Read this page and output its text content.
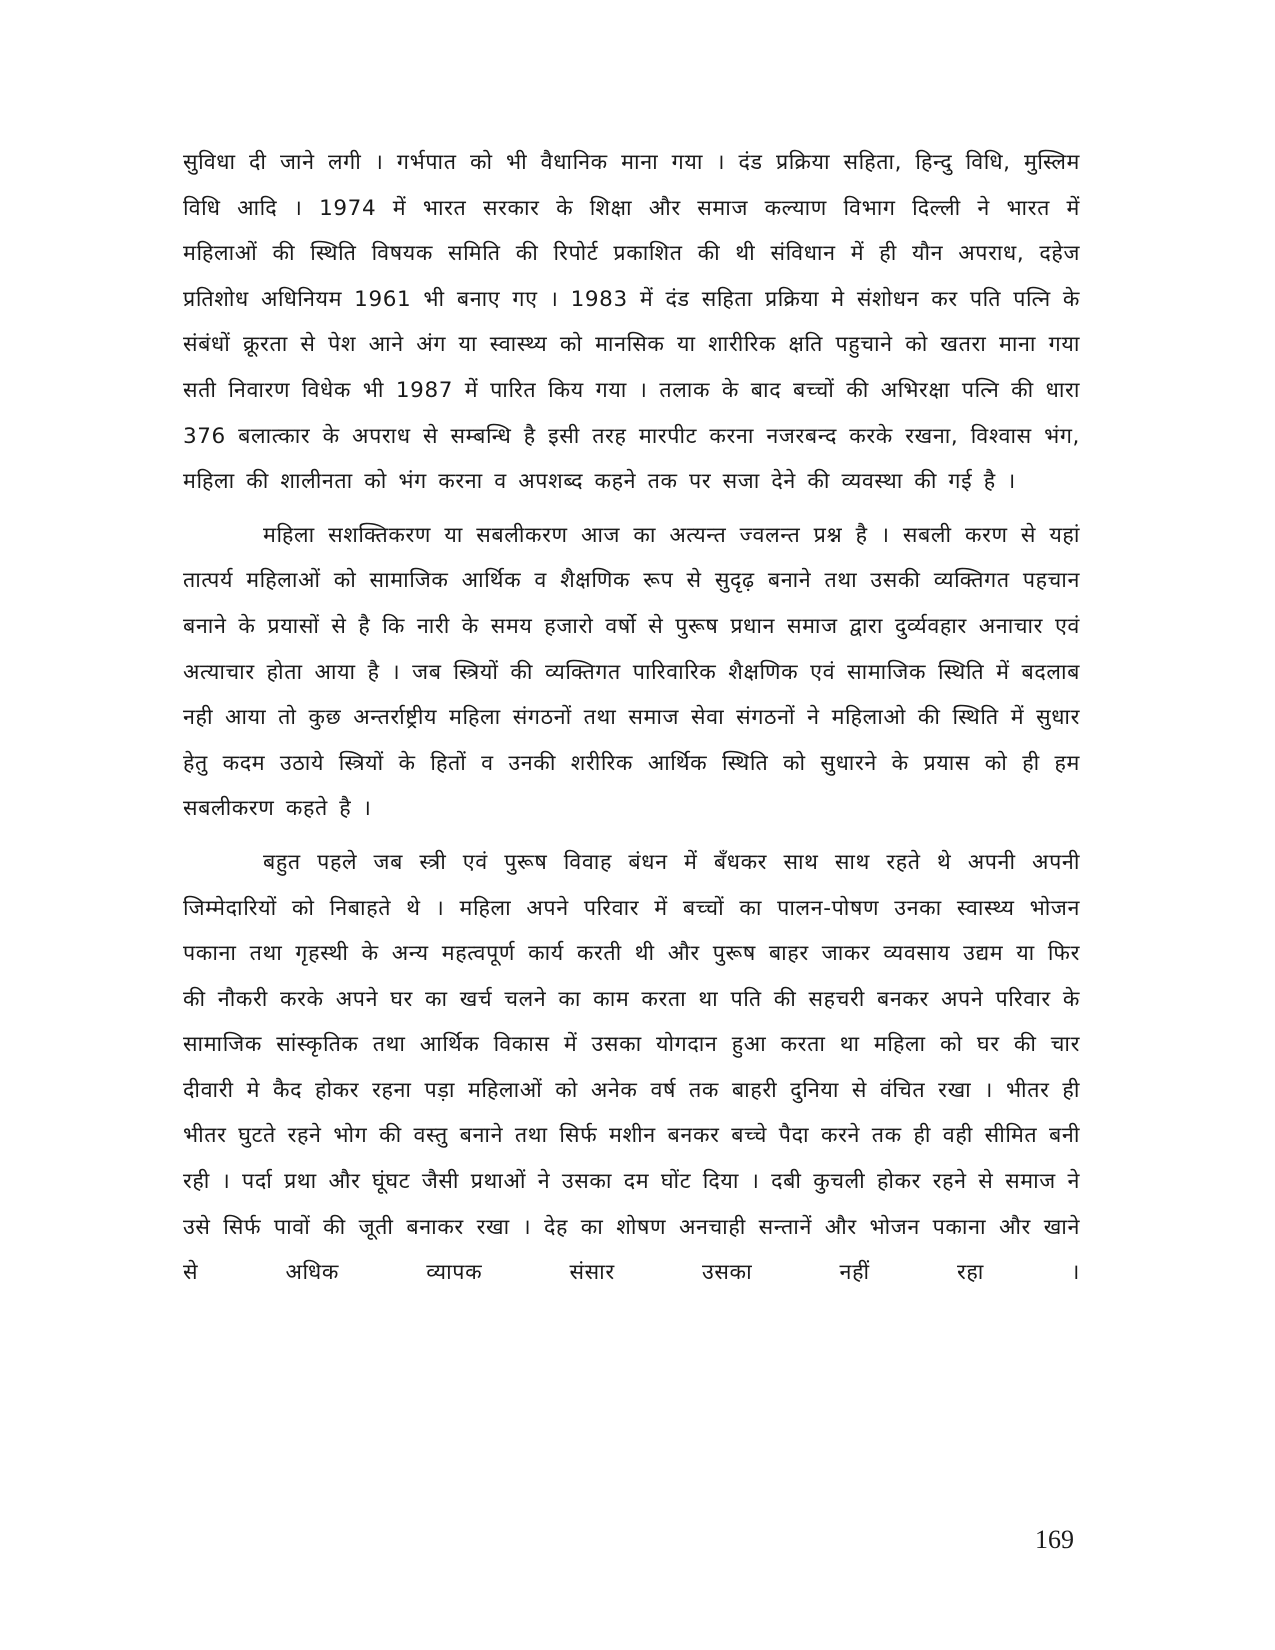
सुविधा दी जाने लगी । गर्भपात को भी वैधानिक माना गया । दंड प्रक्रिया सहिता, हिन्दु विधि, मुस्लिम विधि आदि । 1974 में भारत सरकार के शिक्षा और समाज कल्याण विभाग दिल्ली ने भारत में महिलाओं की स्थिति विषयक समिति की रिपोर्ट प्रकाशित की थी संविधान में ही यौन अपराध, दहेज प्रतिशोध अधिनियम 1961 भी बनाए गए । 1983 में दंड सहिता प्रक्रिया मे संशोधन कर पति पत्नि के संबंधों क्रूरता से पेश आने अंग या स्वास्थ्य को मानसिक या शारीरिक क्षति पहुचाने को खतरा माना गया सती निवारण विधेक भी 1987 में पारित किय गया । तलाक के बाद बच्चों की अभिरक्षा पत्नि की धारा 376 बलात्कार के अपराध से सम्बन्धि है इसी तरह मारपीट करना नजरबन्द करके रखना, विश्वास भंग, महिला की शालीनता को भंग करना व अपशब्द कहने तक पर सजा देने की व्यवस्था की गई है ।

महिला सशक्तिकरण या सबलीकरण आज का अत्यन्त ज्वलन्त प्रश्न है । सबली करण से यहां तात्पर्य महिलाओं को सामाजिक आर्थिक व शैक्षणिक रूप से सुदृढ़ बनाने तथा उसकी व्यक्तिगत पहचान बनाने के प्रयासों से है कि नारी के समय हजारो वर्षो से पुरूष प्रधान समाज द्वारा दुर्व्यवहार अनाचार एवं अत्याचार होता आया है । जब स्त्रियों की व्यक्तिगत पारिवारिक शैक्षणिक एवं सामाजिक स्थिति में बदलाब नही आया तो कुछ अन्तर्राष्ट्रीय महिला संगठनों तथा समाज सेवा संगठनों ने महिलाओ की स्थिति में सुधार हेतु कदम उठाये स्त्रियों के हितों व उनकी शरीरिक आर्थिक स्थिति को सुधारने के प्रयास को ही हम सबलीकरण कहते है ।

बहुत पहले जब स्त्री एवं पुरूष विवाह बंधन में बँधकर साथ साथ रहते थे अपनी अपनी जिम्मेदारियों को निबाहते थे । महिला अपने परिवार में बच्चों का पालन-पोषण उनका स्वास्थ्य भोजन पकाना तथा गृहस्थी के अन्य महत्वपूर्ण कार्य करती थी और पुरूष बाहर जाकर व्यवसाय उद्यम या फिर की नौकरी करके अपने घर का खर्च चलने का काम करता था पति की सहचरी बनकर अपने परिवार के सामाजिक सांस्कृतिक तथा आर्थिक विकास में उसका योगदान हुआ करता था महिला को घर की चार दीवारी मे कैद होकर रहना पड़ा महिलाओं को अनेक वर्ष तक बाहरी दुनिया से वंचित रखा । भीतर ही भीतर घुटते रहने भोग की वस्तु बनाने तथा सिर्फ मशीन बनकर बच्चे पैदा करने तक ही वही सीमित बनी रही । पर्दा प्रथा और घूंघट जैसी प्रथाओं ने उसका दम घोंट दिया । दबी कुचली होकर रहने से समाज ने उसे सिर्फ पावों की जूती बनाकर रखा । देह का शोषण अनचाही सन्तानें और भोजन पकाना और खाने से अधिक व्यापक संसार उसका नहीं रहा ।

169
